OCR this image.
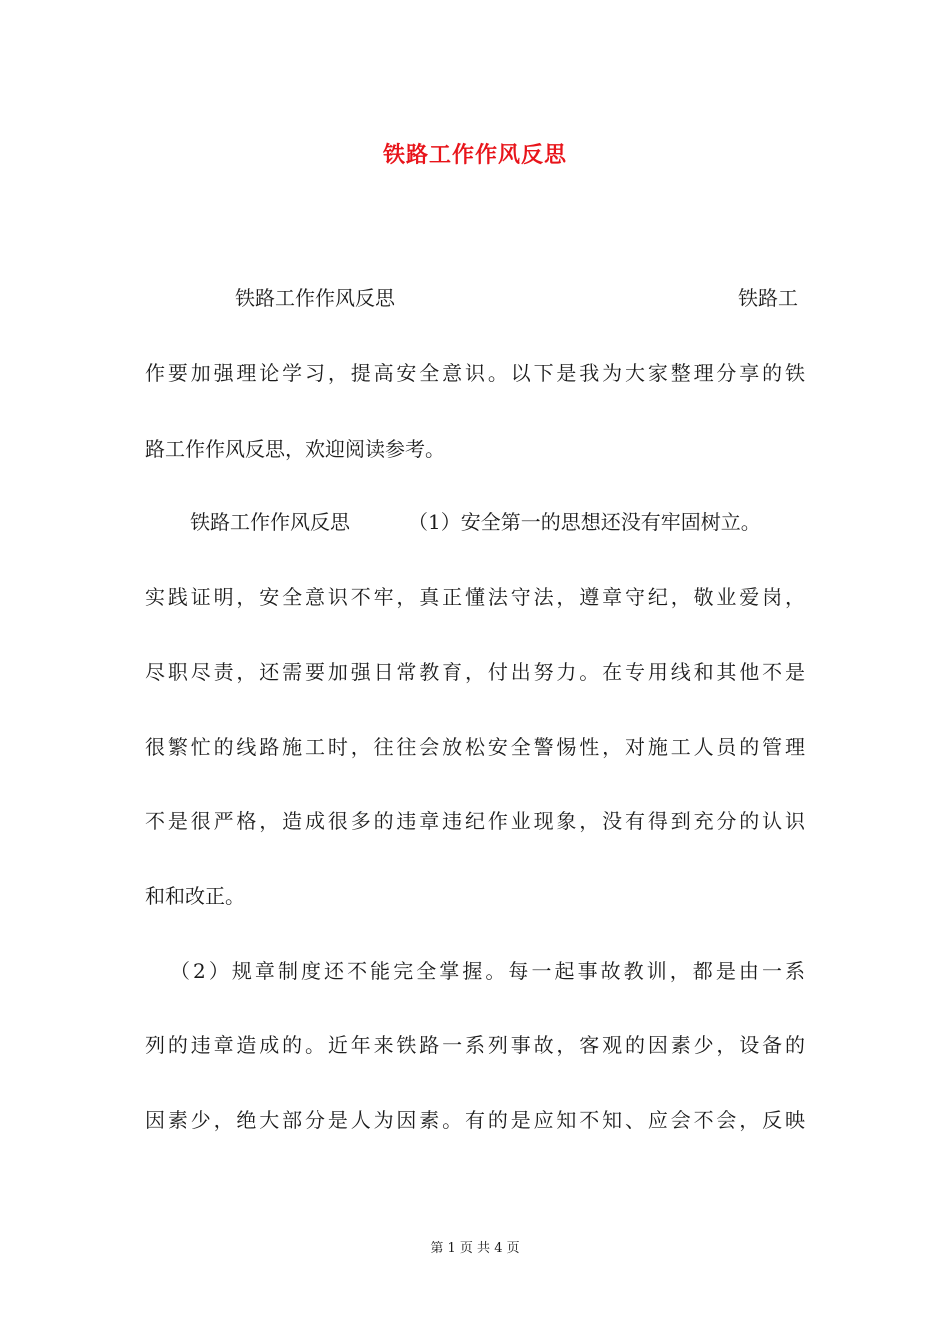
铁路工作作风反思
铁路工作作风反思	铁路工
作要加强理论学习，提高安全意识。以下是我为大家整理分享的铁
路工作作风反思，欢迎阅读参考。
铁路工作作风反思	（1）安全第一的思想还没有牢固树立。
实践证明，安全意识不牢，真正懂法守法，遵章守纪，敬业爱岗，
尽职尽责，还需要加强日常教育，付出努力。在专用线和其他不是
很繁忙的线路施工时，往往会放松安全警惕性，对施工人员的管理
不是很严格，造成很多的违章违纪作业现象，没有得到充分的认识
和和改正。
（2）规章制度还不能完全掌握。每一起事故教训，都是由一系
列的违章造成的。近年来铁路一系列事故，客观的因素少，设备的
因素少，绝大部分是人为因素。有的是应知不知、应会不会，反映
第 1 页 共 4 页
